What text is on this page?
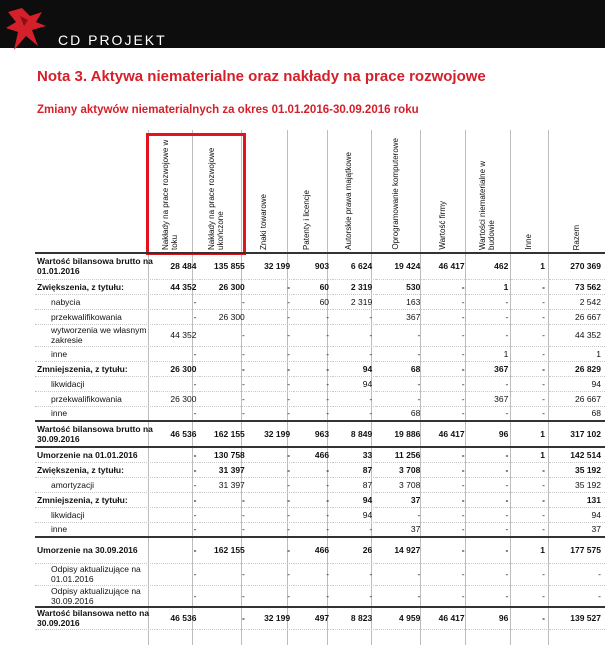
CD PROJEKT
Nota 3. Aktywa niematerialne oraz nakłady na prace rozwojowe
Zmiany aktywów niematerialnych za okres 01.01.2016-30.09.2016 roku
Nakłady na prace rozwojowe w toku	Nakłady na prace rozwojowe ukończone	Znaki towarowe	Patenty i licencje	Autorskie prawa majątkowe	Oprogramowanie komputerowe	Wartość firmy	Wartości niematerialne w budowie	Inne	Razem
Wartość bilansowa brutto na 01.01.2016	28 484	135 855	32 199	903	6 624	19 424	46 417	462	1	270 369
Zwiększenia, z tytułu:	44 352	26 300	-	60	2 319	530	-	1	-	73 562
nabycia	-	-	-	60	2 319	163	-	-	-	2 542
przekwalifikowania	-	26 300	-	-	-	367	-	-	-	26 667

wytworzenia we własnym zakresie	44 352	-	-	-	-	-	-	-	-	44 352
inne	-	-	-	-	-	-	-	1	-	1
Zmniejszenia, z tytułu:	26 300	-	-	-	94	68	-	367	-	26 829
likwidacji	-	-	-	-	94	-	-	-	-	94
przekwalifikowania	26 300	-	-	-	-	-	-	367	-	26 667
inne	-	-	-	-	-	68	-	-	-	68

Wartość bilansowa brutto na 30.09.2016	46 536	162 155	32 199	963	8 849	19 886	46 417	96	1	317 102
Umorzenie na 01.01.2016	-	130 758	-	466	33	11 256	-	-	1	142 514
Zwiększenia, z tytułu:	-	31 397	-	-	87	3 708	-	-	-	35 192
amortyzacji	-	31 397	-	-	87	3 708	-	-	-	35 192
Zmniejszenia, z tytułu:	-	-	-	-	94	37	-	-	-	131
likwidacji	-	-	-	-	94	-	-	-	-	94
inne	-	-	-	-	-	37	-	-	-	37

Umorzenie na 30.09.2016	-	162 155	-	466	26	14 927	-	-	1	177 575

Odpisy aktualizujące na 01.01.2016	-	-	-	-	-	-	-	-	-	-

Odpisy aktualizujące na 30.09.2016	-	-	-	-	-	-	-	-	-	-

Wartość bilansowa netto na 30.09.2016	46 536	-	32 199	497	8 823	4 959	46 417	96	-	139 527
